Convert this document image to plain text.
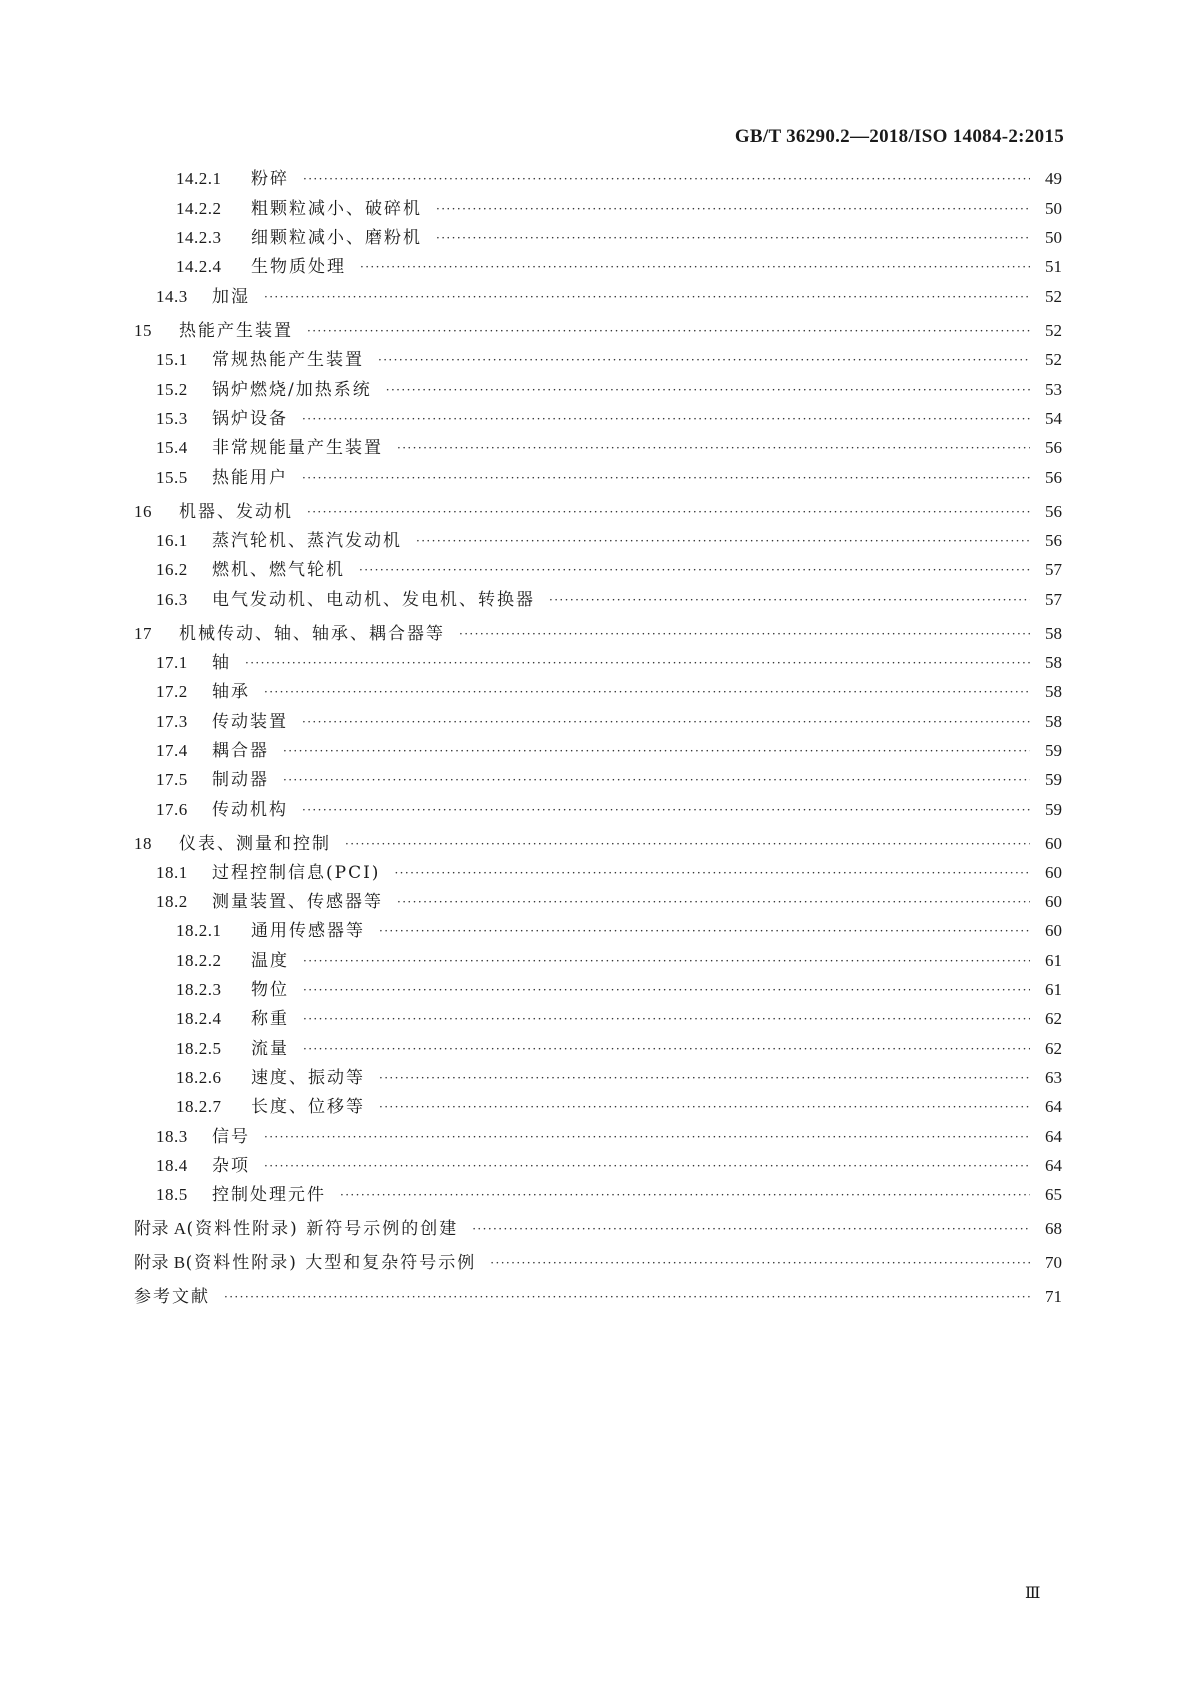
GB/T 36290.2—2018/ISO 14084-2:2015
14.2.1	粉碎 ·····	49
14.2.2	粗颗粒减小、破碎机 ·····	50
14.2.3	细颗粒减小、磨粉机 ·····	50
14.2.4	生物质处理 ·····	51
14.3	加湿 ·····	52
15	热能产生装置 ·····	52
15.1	常规热能产生装置 ·····	52
15.2	锅炉燃烧/加热系统 ·····	53
15.3	锅炉设备 ·····	54
15.4	非常规能量产生装置 ·····	56
15.5	热能用户 ·····	56
16	机器、发动机 ·····	56
16.1	蒸汽轮机、蒸汽发动机 ·····	56
16.2	燃机、燃气轮机 ·····	57
16.3	电气发动机、电动机、发电机、转换器 ·····	57
17	机械传动、轴、轴承、耦合器等 ·····	58
17.1	轴 ·····	58
17.2	轴承 ·····	58
17.3	传动装置 ·····	58
17.4	耦合器 ·····	59
17.5	制动器 ·····	59
17.6	传动机构 ·····	59
18	仪表、测量和控制 ·····	60
18.1	过程控制信息(PCI) ·····	60
18.2	测量装置、传感器等 ·····	60
18.2.1	通用传感器等 ·····	60
18.2.2	温度 ·····	61
18.2.3	物位 ·····	61
18.2.4	称重 ·····	62
18.2.5	流量 ·····	62
18.2.6	速度、振动等 ·····	63
18.2.7	长度、位移等 ·····	64
18.3	信号 ·····	64
18.4	杂项 ·····	64
18.5	控制处理元件 ·····	65
附录 A (资料性附录) 新符号示例的创建 ·····	68
附录 B (资料性附录) 大型和复杂符号示例 ·····	70
参考文献 ·····	71
Ⅲ
